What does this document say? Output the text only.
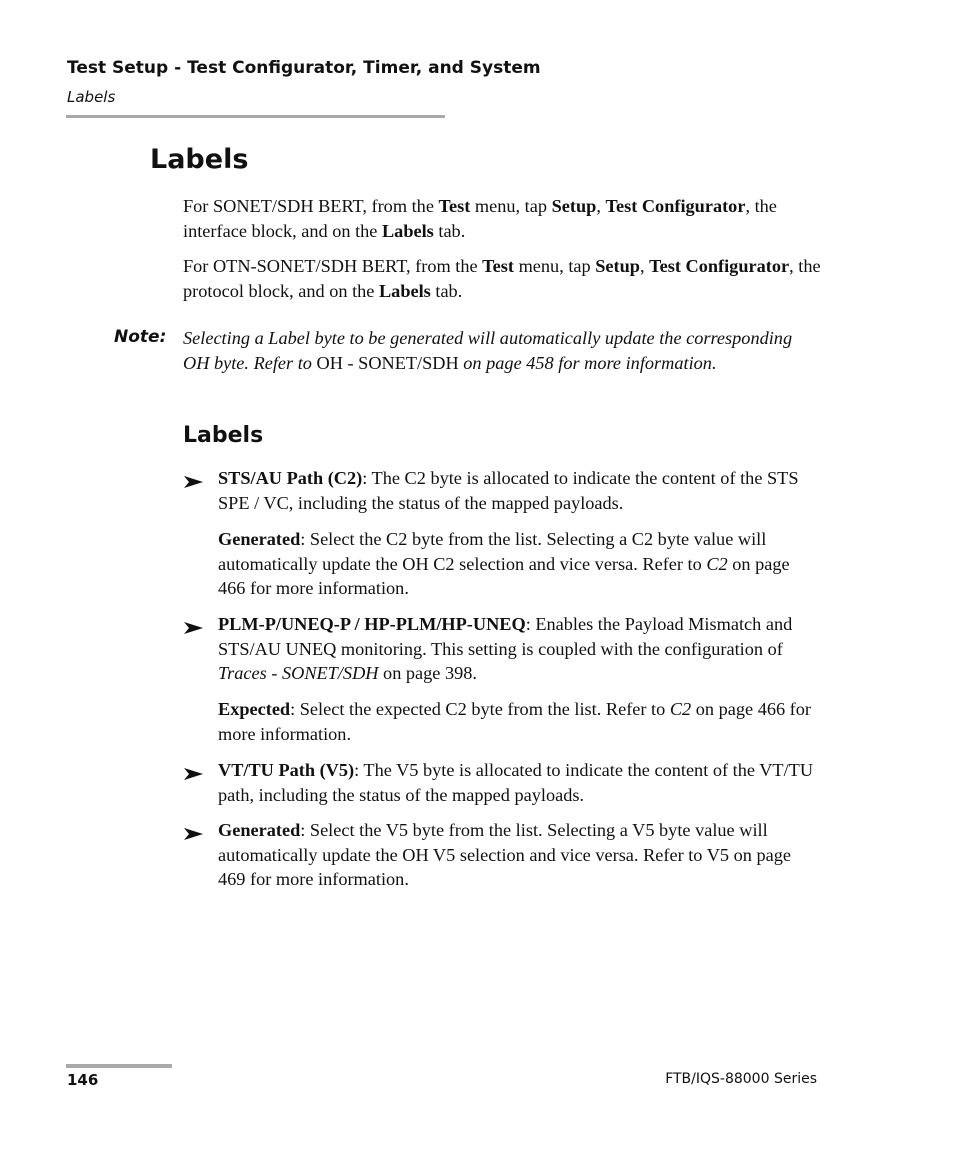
Test Setup - Test Configurator, Timer, and System
Labels
Labels
For SONET/SDH BERT, from the Test menu, tap Setup, Test Configurator, the interface block, and on the Labels tab.
For OTN-SONET/SDH BERT, from the Test menu, tap Setup, Test Configurator, the protocol block, and on the Labels tab.
Note: Selecting a Label byte to be generated will automatically update the corresponding OH byte. Refer to OH - SONET/SDH on page 458 for more information.
Labels
STS/AU Path (C2): The C2 byte is allocated to indicate the content of the STS SPE / VC, including the status of the mapped payloads.
Generated: Select the C2 byte from the list. Selecting a C2 byte value will automatically update the OH C2 selection and vice versa. Refer to C2 on page 466 for more information.
PLM-P/UNEQ-P / HP-PLM/HP-UNEQ: Enables the Payload Mismatch and STS/AU UNEQ monitoring. This setting is coupled with the configuration of Traces - SONET/SDH on page 398.
Expected: Select the expected C2 byte from the list. Refer to C2 on page 466 for more information.
VT/TU Path (V5): The V5 byte is allocated to indicate the content of the VT/TU path, including the status of the mapped payloads.
Generated: Select the V5 byte from the list. Selecting a V5 byte value will automatically update the OH V5 selection and vice versa. Refer to V5 on page 469 for more information.
146	FTB/IQS-88000 Series
